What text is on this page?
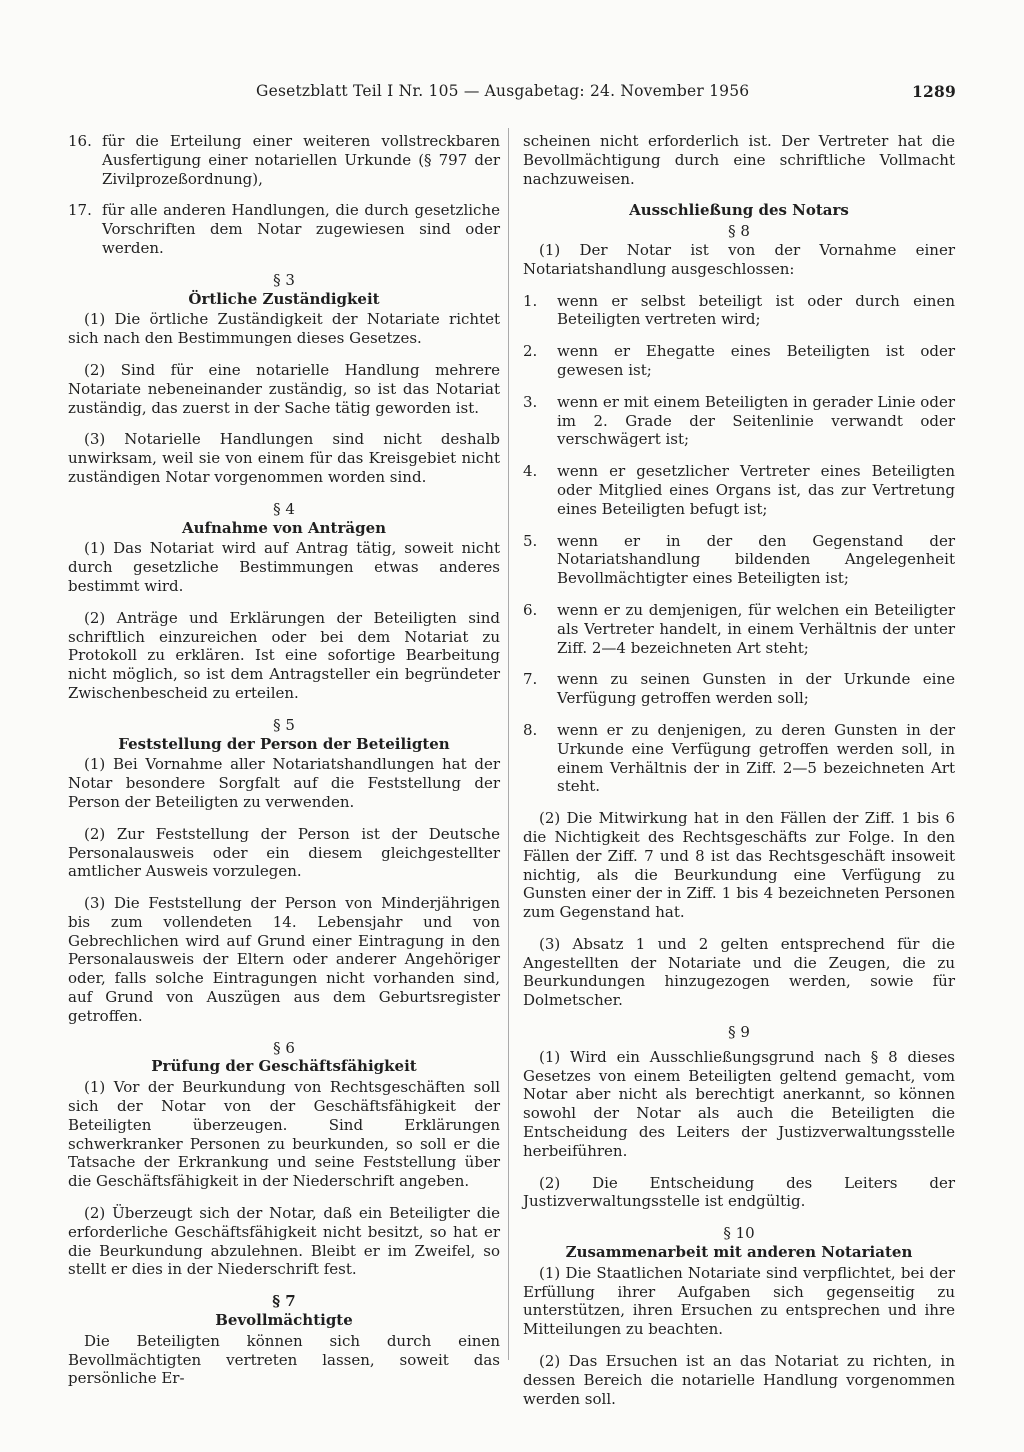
Gesetzblatt Teil I Nr. 105 — Ausgabetag: 24. November 1956	1289
16. für die Erteilung einer weiteren vollstreckbaren Ausfertigung einer notariellen Urkunde (§ 797 der Zivilprozeßordnung),
17. für alle anderen Handlungen, die durch gesetzliche Vorschriften dem Notar zugewiesen sind oder werden.
§ 3
Örtliche Zuständigkeit

(1) Die örtliche Zuständigkeit der Notariate richtet sich nach den Bestimmungen dieses Gesetzes.

(2) Sind für eine notarielle Handlung mehrere Notariate nebeneinander zuständig, so ist das Notariat zuständig, das zuerst in der Sache tätig geworden ist.

(3) Notarielle Handlungen sind nicht deshalb unwirksam, weil sie von einem für das Kreisgebiet nicht zuständigen Notar vorgenommen worden sind.

§ 4
Aufnahme von Anträgen

(1) Das Notariat wird auf Antrag tätig, soweit nicht durch gesetzliche Bestimmungen etwas anderes bestimmt wird.

(2) Anträge und Erklärungen der Beteiligten sind schriftlich einzureichen oder bei dem Notariat zu Protokoll zu erklären. Ist eine sofortige Bearbeitung nicht möglich, so ist dem Antragsteller ein begründeter Zwischenbescheid zu erteilen.

§ 5
Feststellung der Person der Beteiligten

(1) Bei Vornahme aller Notariatshandlungen hat der Notar besondere Sorgfalt auf die Feststellung der Person der Beteiligten zu verwenden.

(2) Zur Feststellung der Person ist der Deutsche Personalausweis oder ein diesem gleichgestellter amtlicher Ausweis vorzulegen.

(3) Die Feststellung der Person von Minderjährigen bis zum vollendeten 14. Lebensjahr und von Gebrechlichen wird auf Grund einer Eintragung in den Personalausweis der Eltern oder anderer Angehöriger oder, falls solche Eintragungen nicht vorhanden sind, auf Grund von Auszügen aus dem Geburtsregister getroffen.

§ 6
Prüfung der Geschäftsfähigkeit

(1) Vor der Beurkundung von Rechtsgeschäften soll sich der Notar von der Geschäftsfähigkeit der Beteiligten überzeugen. Sind Erklärungen schwerkranker Personen zu beurkunden, so soll er die Tatsache der Erkrankung und seine Feststellung über die Geschäftsfähigkeit in der Niederschrift angeben.

(2) Überzeugt sich der Notar, daß ein Beteiligter die erforderliche Geschäftsfähigkeit nicht besitzt, so hat er die Beurkundung abzulehnen. Bleibt er im Zweifel, so stellt er dies in der Niederschrift fest.

§ 7
Bevollmächtigte

Die Beteiligten können sich durch einen Bevollmächtigten vertreten lassen, soweit das persönliche Er-

scheinen nicht erforderlich ist. Der Vertreter hat die Bevollmächtigung durch eine schriftliche Vollmacht nachzuweisen.

Ausschließung des Notars
§ 8

(1) Der Notar ist von der Vornahme einer Notariatshandlung ausgeschlossen:

1.	wenn er selbst beteiligt ist oder durch einen Beteiligten vertreten wird;
2.	wenn er Ehegatte eines Beteiligten ist oder gewesen ist;
3.	wenn er mit einem Beteiligten in gerader Linie oder im 2. Grade der Seitenlinie verwandt oder verschwägert ist;
4.	wenn er gesetzlicher Vertreter eines Beteiligten oder Mitglied eines Organs ist, das zur Vertretung eines Beteiligten befugt ist;
5.	wenn er in der den Gegenstand der Notariatshandlung bildenden Angelegenheit Bevollmächtigter eines Beteiligten ist;
6.	wenn er zu demjenigen, für welchen ein Beteiligter als Vertreter handelt, in einem Verhältnis der unter Ziff. 2—4 bezeichneten Art steht;
7.	wenn zu seinen Gunsten in der Urkunde eine Verfügung getroffen werden soll;
8.	wenn er zu denjenigen, zu deren Gunsten in der Urkunde eine Verfügung getroffen werden soll, in einem Verhältnis der in Ziff. 2—5 bezeichneten Art steht.

(2) Die Mitwirkung hat in den Fällen der Ziff. 1 bis 6 die Nichtigkeit des Rechtsgeschäfts zur Folge. In den Fällen der Ziff. 7 und 8 ist das Rechtsgeschäft insoweit nichtig, als die Beurkundung eine Verfügung zu Gunsten einer der in Ziff. 1 bis 4 bezeichneten Personen zum Gegenstand hat.

(3) Absatz 1 und 2 gelten entsprechend für die Angestellten der Notariate und die Zeugen, die zu Beurkundungen hinzugezogen werden, sowie für Dolmetscher.

§ 9

(1) Wird ein Ausschließungsgrund nach § 8 dieses Gesetzes von einem Beteiligten geltend gemacht, vom Notar aber nicht als berechtigt anerkannt, so können sowohl der Notar als auch die Beteiligten die Entscheidung des Leiters der Justizverwaltungsstelle herbeiführen.

(2) Die Entscheidung des Leiters der Justizverwaltungsstelle ist endgültig.

§ 10
Zusammenarbeit mit anderen Notariaten

(1) Die Staatlichen Notariate sind verpflichtet, bei der Erfüllung ihrer Aufgaben sich gegenseitig zu unterstützen, ihren Ersuchen zu entsprechen und ihre Mitteilungen zu beachten.

(2) Das Ersuchen ist an das Notariat zu richten, in dessen Bereich die notarielle Handlung vorgenommen werden soll.
